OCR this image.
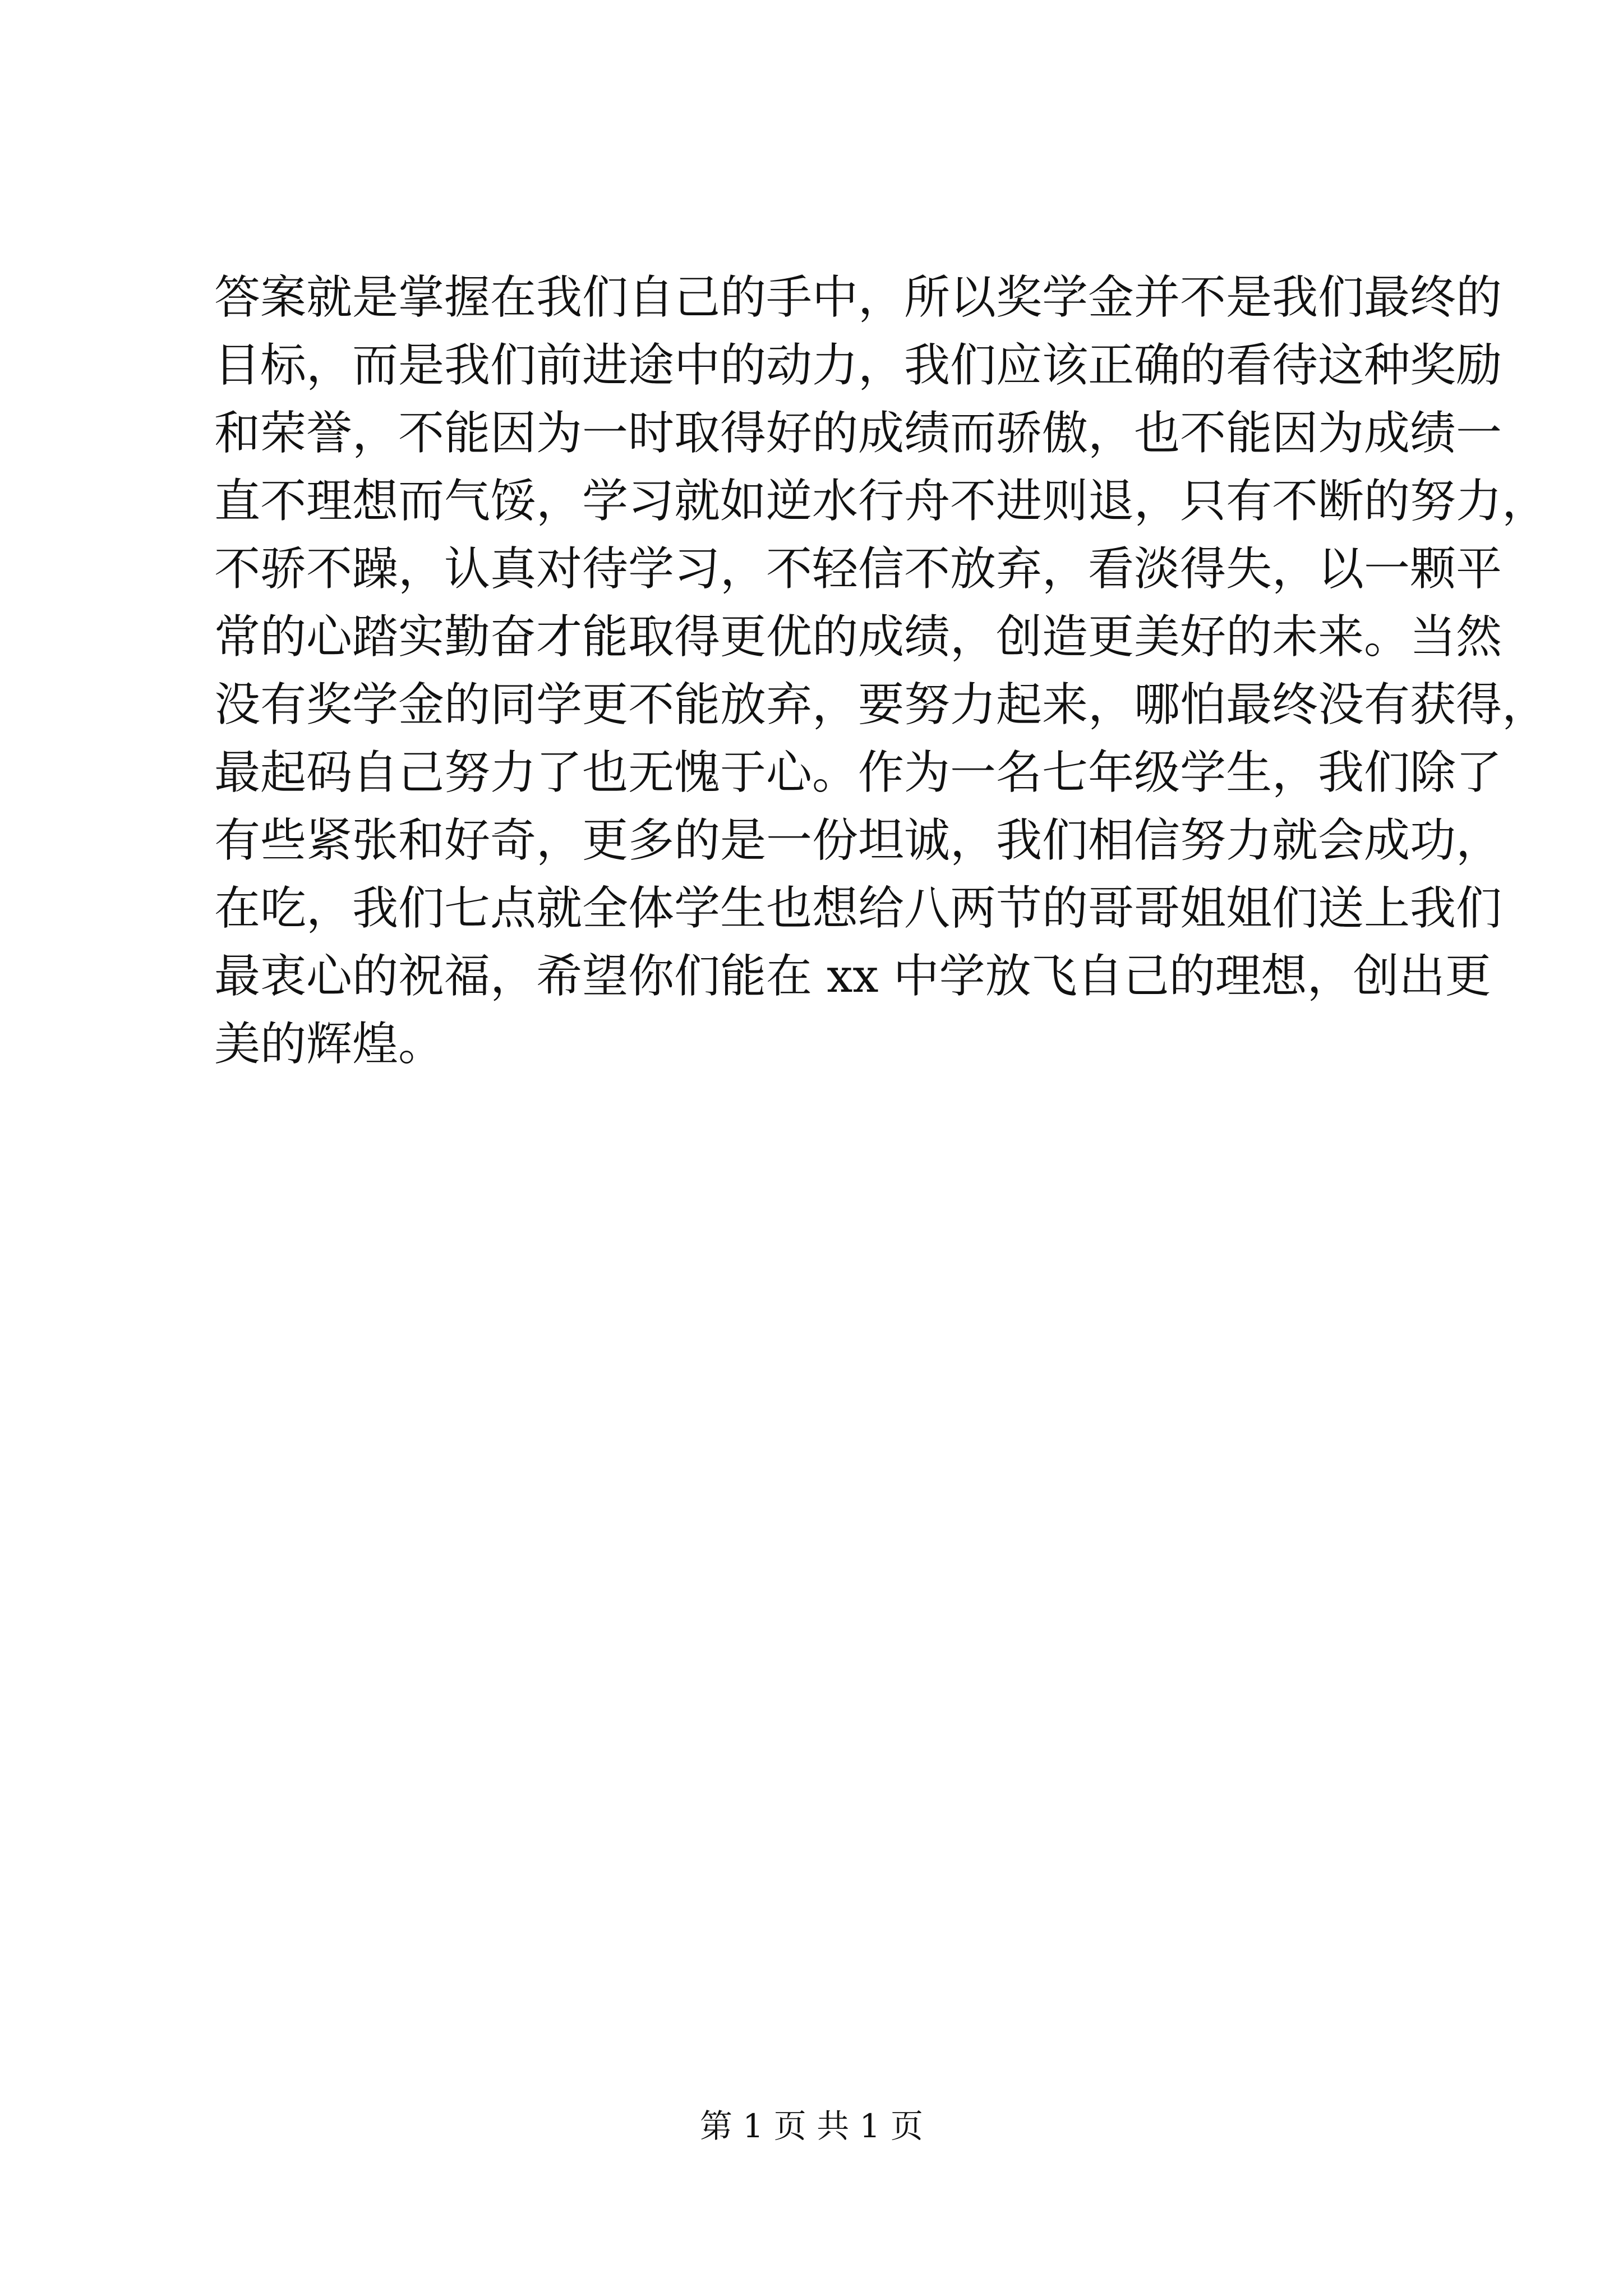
答案就是掌握在我们自己的手中，所以奖学金并不是我们最终的
目标，而是我们前进途中的动力，我们应该正确的看待这种奖励
和荣誉，不能因为一时取得好的成绩而骄傲，也不能因为成绩一
直不理想而气馁，学习就如逆水行舟不进则退，只有不断的努力，
不骄不躁，认真对待学习，不轻信不放弃，看淡得失，以一颗平
常的心踏实勤奋才能取得更优的成绩，创造更美好的未来。当然
没有奖学金的同学更不能放弃，要努力起来，哪怕最终没有获得，
最起码自己努力了也无愧于心。作为一名七年级学生，我们除了
有些紧张和好奇，更多的是一份坦诚，我们相信努力就会成功，
在吃，我们七点就全体学生也想给八两节的哥哥姐姐们送上我们
最衷心的祝福，希望你们能在 xx 中学放飞自己的理想，创出更
美的辉煌。
第 1 页 共 1 页
